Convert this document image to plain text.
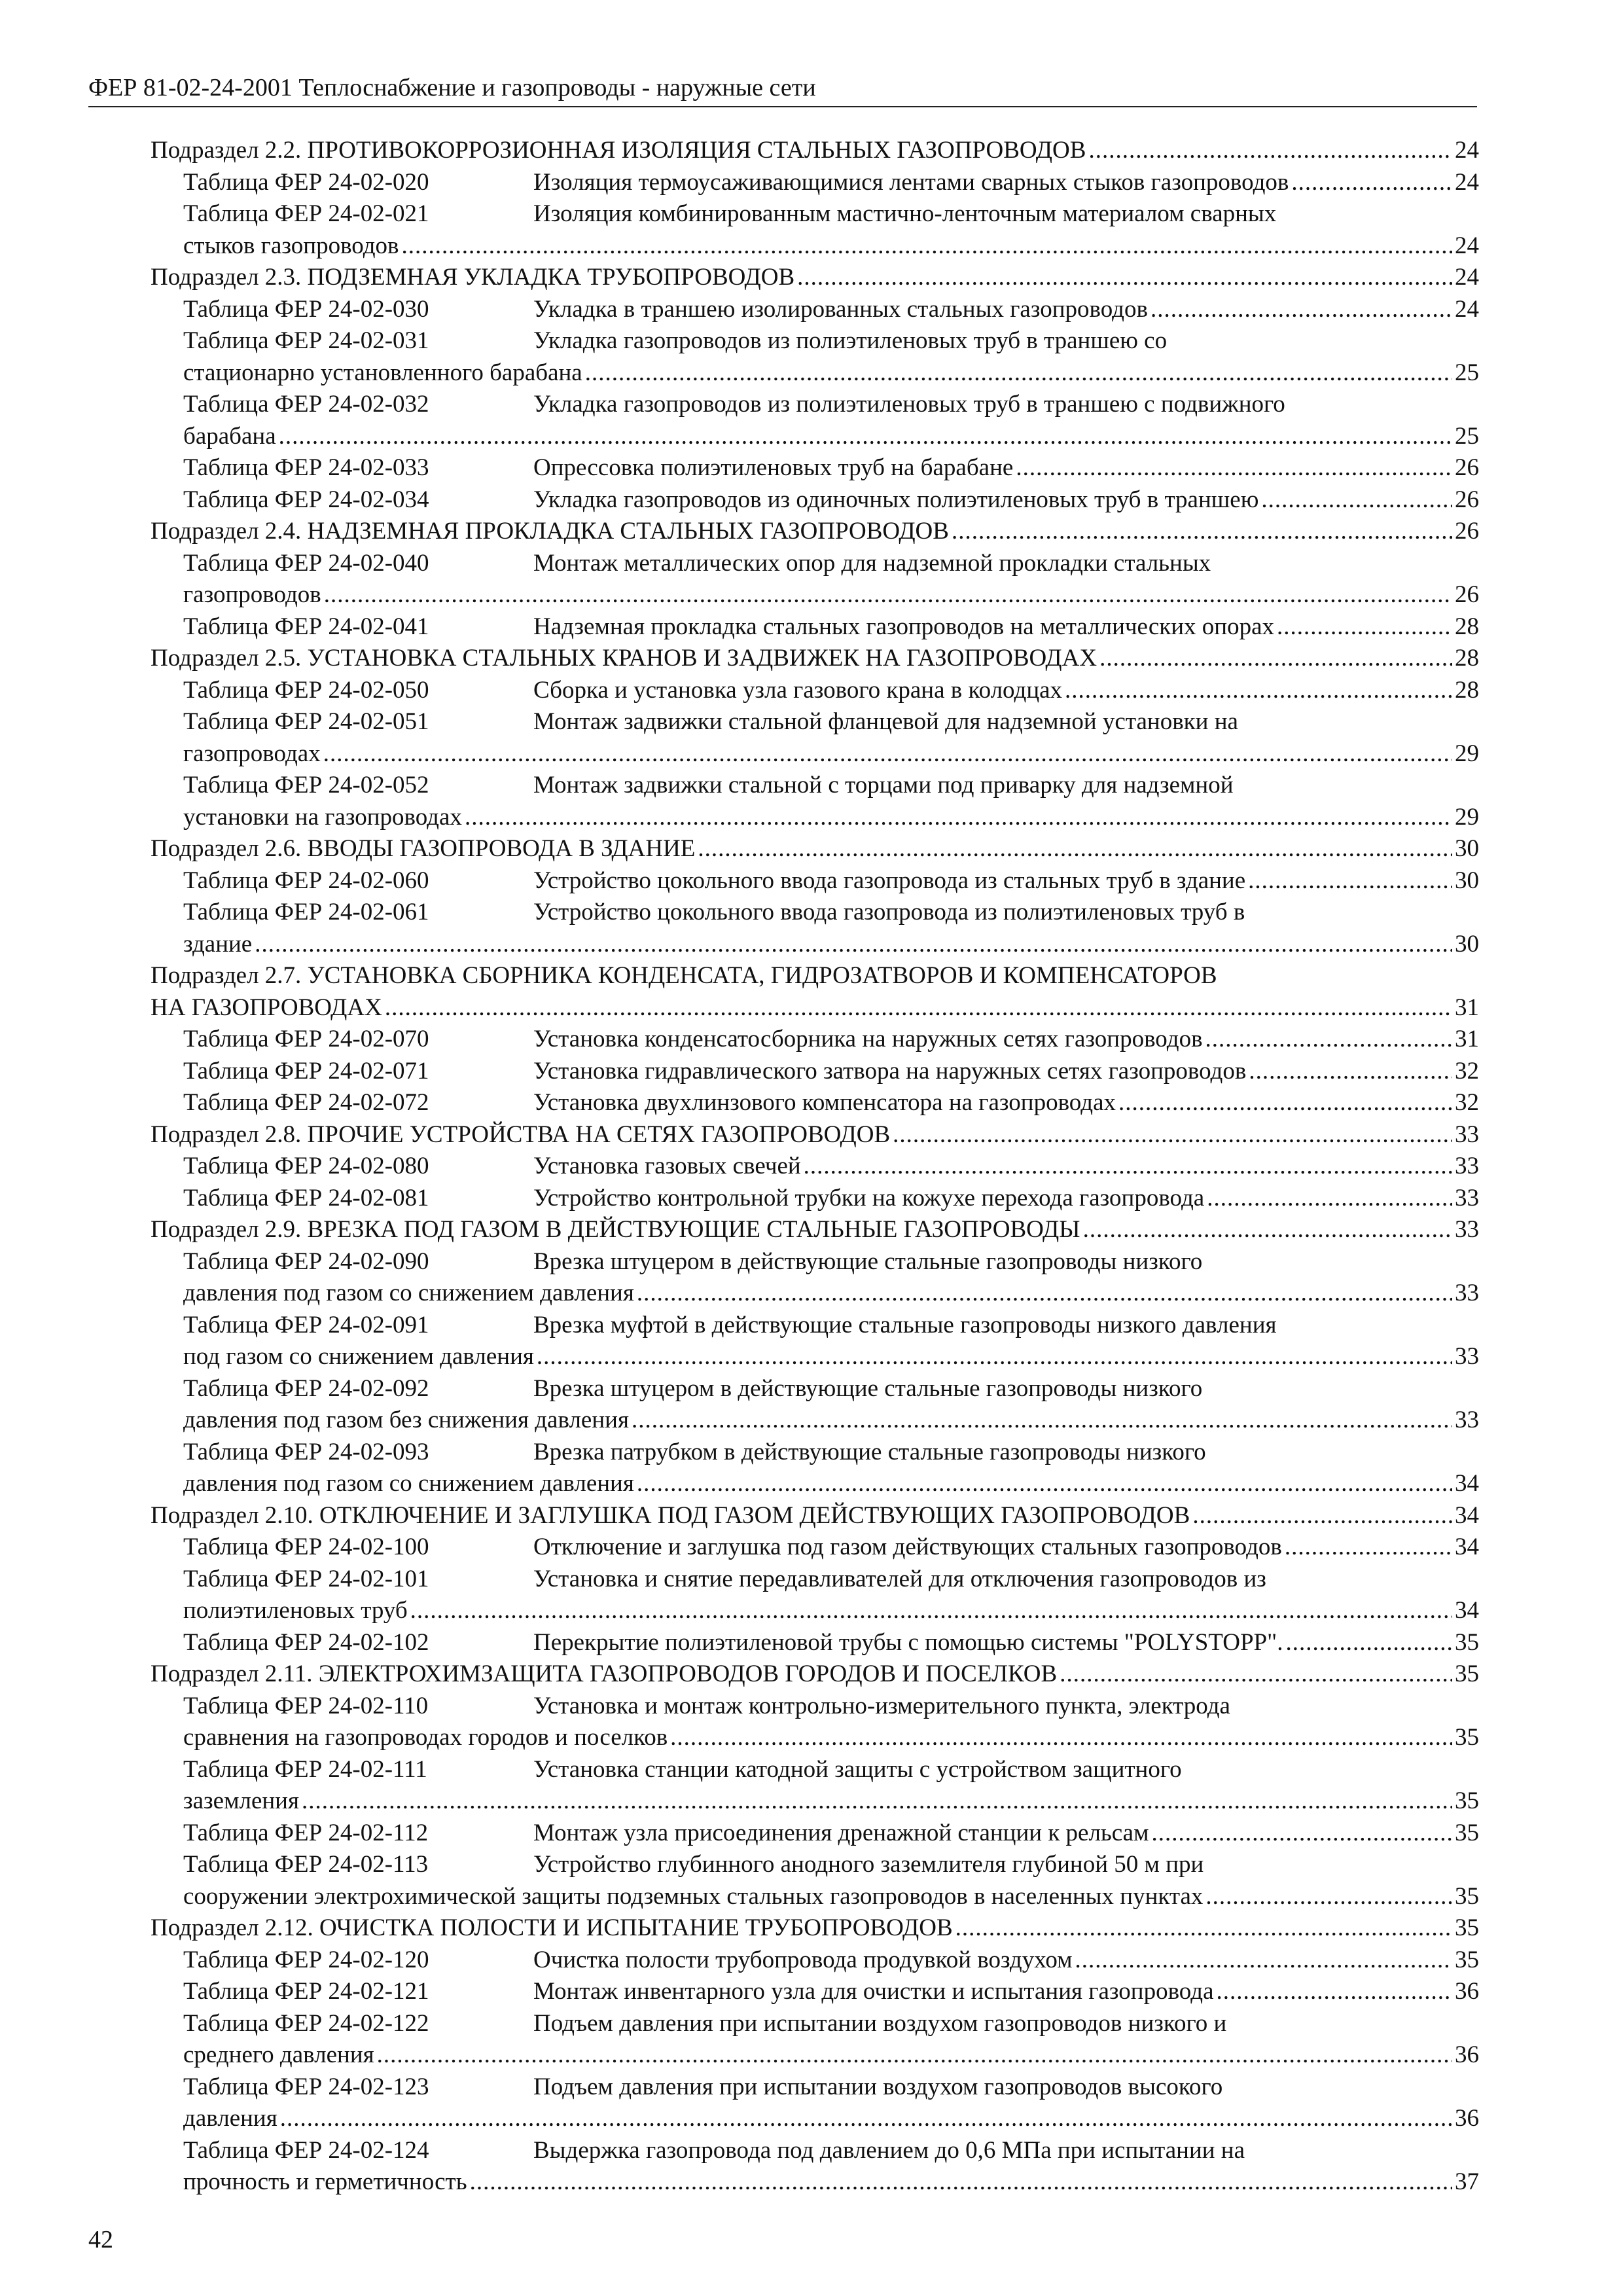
ФЕР 81-02-24-2001 Теплоснабжение и газопроводы - наружные сети
Подраздел 2.2. ПРОТИВОКОРРОЗИОННАЯ ИЗОЛЯЦИЯ СТАЛЬНЫХ ГАЗОПРОВОДОВ .....	24
Таблица ФЕР 24-02-020	Изоляция термоусаживающимися лентами сварных стыков газопроводов .....	24
Таблица ФЕР 24-02-021	Изоляция комбинированным мастично-ленточным материалом сварных
стыков газопроводов .....	24
Подраздел 2.3. ПОДЗЕМНАЯ УКЛАДКА ТРУБОПРОВОДОВ .....	24
Таблица ФЕР 24-02-030	Укладка в траншею изолированных стальных газопроводов .....	24
Таблица ФЕР 24-02-031	Укладка газопроводов из полиэтиленовых труб в траншею со
стационарно установленного барабана .....	25
Таблица ФЕР 24-02-032	Укладка газопроводов из полиэтиленовых труб в траншею с подвижного
барабана .....	25
Таблица ФЕР 24-02-033	Опрессовка полиэтиленовых труб на барабане .....	26
Таблица ФЕР 24-02-034	Укладка газопроводов из одиночных полиэтиленовых труб в траншею .....	26
Подраздел 2.4. НАДЗЕМНАЯ ПРОКЛАДКА СТАЛЬНЫХ ГАЗОПРОВОДОВ .....	26
Таблица ФЕР 24-02-040	Монтаж металлических опор для надземной прокладки стальных
газопроводов .....	26
Таблица ФЕР 24-02-041	Надземная прокладка стальных газопроводов на металлических опорах .....	28
Подраздел 2.5. УСТАНОВКА СТАЛЬНЫХ КРАНОВ И ЗАДВИЖЕК НА ГАЗОПРОВОДАХ .....	28
Таблица ФЕР 24-02-050	Сборка и установка узла газового крана в колодцах .....	28
Таблица ФЕР 24-02-051	Монтаж задвижки стальной фланцевой для надземной установки на
газопроводах .....	29
Таблица ФЕР 24-02-052	Монтаж задвижки стальной с торцами под приварку для надземной
установки на газопроводах .....	29
Подраздел 2.6. ВВОДЫ ГАЗОПРОВОДА В ЗДАНИЕ .....	30
Таблица ФЕР 24-02-060	Устройство цокольного ввода газопровода из стальных труб в здание .....	30
Таблица ФЕР 24-02-061	Устройство цокольного ввода газопровода из полиэтиленовых труб в
здание .....	30
Подраздел 2.7. УСТАНОВКА СБОРНИКА КОНДЕНСАТА, ГИДРОЗАТВОРОВ И КОМПЕНСАТОРОВ
НА ГАЗОПРОВОДАХ .....	31
Таблица ФЕР 24-02-070	Установка конденсатосборника на наружных сетях газопроводов .....	31
Таблица ФЕР 24-02-071	Установка гидравлического затвора на наружных сетях газопроводов .....	32
Таблица ФЕР 24-02-072	Установка двухлинзового компенсатора на газопроводах .....	32
Подраздел 2.8. ПРОЧИЕ УСТРОЙСТВА НА СЕТЯХ ГАЗОПРОВОДОВ .....	33
Таблица ФЕР 24-02-080	Установка газовых свечей .....	33
Таблица ФЕР 24-02-081	Устройство контрольной трубки на кожухе перехода газопровода .....	33
Подраздел 2.9. ВРЕЗКА ПОД ГАЗОМ В ДЕЙСТВУЮЩИЕ СТАЛЬНЫЕ ГАЗОПРОВОДЫ .....	33
Таблица ФЕР 24-02-090	Врезка штуцером в действующие стальные газопроводы низкого
давления под газом со снижением давления .....	33
Таблица ФЕР 24-02-091	Врезка муфтой в действующие стальные газопроводы низкого давления
под газом со снижением давления .....	33
Таблица ФЕР 24-02-092	Врезка штуцером в действующие стальные газопроводы низкого
давления под газом без снижения давления .....	33
Таблица ФЕР 24-02-093	Врезка патрубком в действующие стальные газопроводы низкого
давления под газом со снижением давления .....	34
Подраздел 2.10. ОТКЛЮЧЕНИЕ И ЗАГЛУШКА ПОД ГАЗОМ ДЕЙСТВУЮЩИХ ГАЗОПРОВОДОВ .....	34
Таблица ФЕР 24-02-100	Отключение и заглушка под газом действующих стальных газопроводов .....	34
Таблица ФЕР 24-02-101	Установка и снятие передавливателей для отключения газопроводов из
полиэтиленовых труб .....	34
Таблица ФЕР 24-02-102	Перекрытие полиэтиленовой трубы с помощью системы "POLYSTOPP". .....	35
Подраздел 2.11. ЭЛЕКТРОХИМЗАЩИТА ГАЗОПРОВОДОВ ГОРОДОВ И ПОСЕЛКОВ .....	35
Таблица ФЕР 24-02-110	Установка и монтаж контрольно-измерительного пункта, электрода
сравнения на газопроводах городов и поселков .....	35
Таблица ФЕР 24-02-111	Установка станции катодной защиты с устройством защитного
заземления .....	35
Таблица ФЕР 24-02-112	Монтаж узла присоединения дренажной станции к рельсам .....	35
Таблица ФЕР 24-02-113	Устройство глубинного анодного заземлителя глубиной 50 м при
сооружении электрохимической защиты подземных стальных газопроводов в населенных пунктах .....	35
Подраздел 2.12. ОЧИСТКА ПОЛОСТИ И ИСПЫТАНИЕ ТРУБОПРОВОДОВ .....	35
Таблица ФЕР 24-02-120	Очистка полости трубопровода продувкой воздухом .....	35
Таблица ФЕР 24-02-121	Монтаж инвентарного узла для очистки и испытания газопровода .....	36
Таблица ФЕР 24-02-122	Подъем давления при испытании воздухом газопроводов низкого и
среднего давления .....	36
Таблица ФЕР 24-02-123	Подъем давления при испытании воздухом газопроводов высокого
давления .....	36
Таблица ФЕР 24-02-124	Выдержка газопровода под давлением до 0,6 МПа при испытании на
прочность и герметичность .....	37
42
